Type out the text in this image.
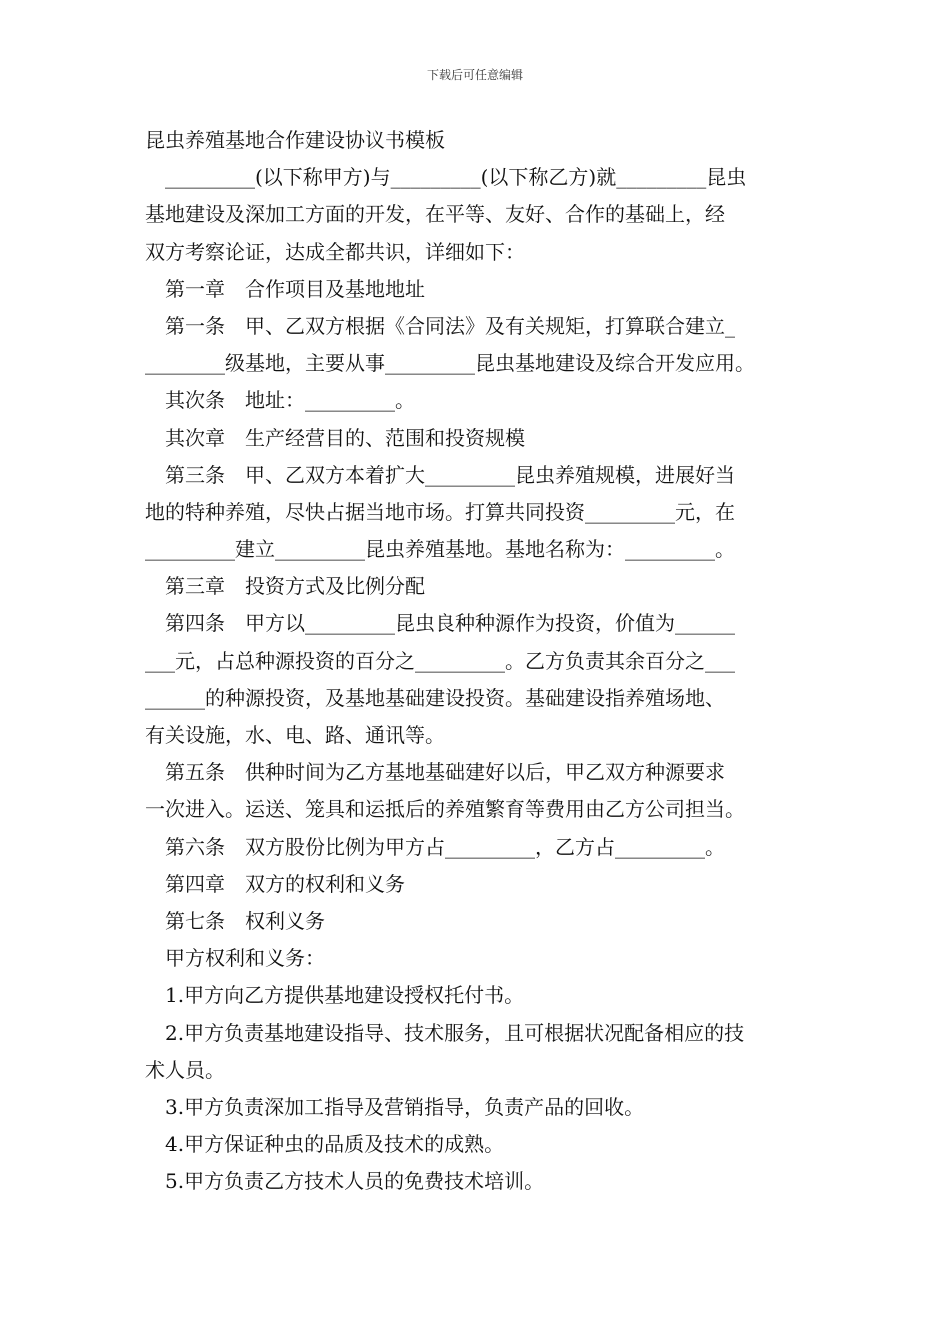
下载后可任意编辑
昆虫养殖基地合作建设协议书模板
_________(以下称甲方)与_________(以下称乙方)就_________昆虫
基地建设及深加工方面的开发，在平等、友好、合作的基础上，经
双方考察论证，达成全都共识，详细如下：
第一章　合作项目及基地地址
第一条　甲、乙双方根据《合同法》及有关规矩，打算联合建立_
________级基地，主要从事_________昆虫基地建设及综合开发应用。
其次条　地址：_________。
其次章　生产经营目的、范围和投资规模
第三条　甲、乙双方本着扩大_________昆虫养殖规模，进展好当
地的特种养殖，尽快占据当地市场。打算共同投资_________元，在
_________建立_________昆虫养殖基地。基地名称为：_________。
第三章　投资方式及比例分配
第四条　甲方以_________昆虫良种种源作为投资，价值为______
___元，占总种源投资的百分之_________。乙方负责其余百分之___
______的种源投资，及基地基础建设投资。基础建设指养殖场地、
有关设施，水、电、路、通讯等。
第五条　供种时间为乙方基地基础建好以后，甲乙双方种源要求
一次进入。运送、笼具和运抵后的养殖繁育等费用由乙方公司担当。
第六条　双方股份比例为甲方占_________，乙方占_________。
第四章　双方的权利和义务
第七条　权利义务
甲方权利和义务：
1.甲方向乙方提供基地建设授权托付书。
2.甲方负责基地建设指导、技术服务，且可根据状况配备相应的技
术人员。
3.甲方负责深加工指导及营销指导，负责产品的回收。
4.甲方保证种虫的品质及技术的成熟。
5.甲方负责乙方技术人员的免费技术培训。
